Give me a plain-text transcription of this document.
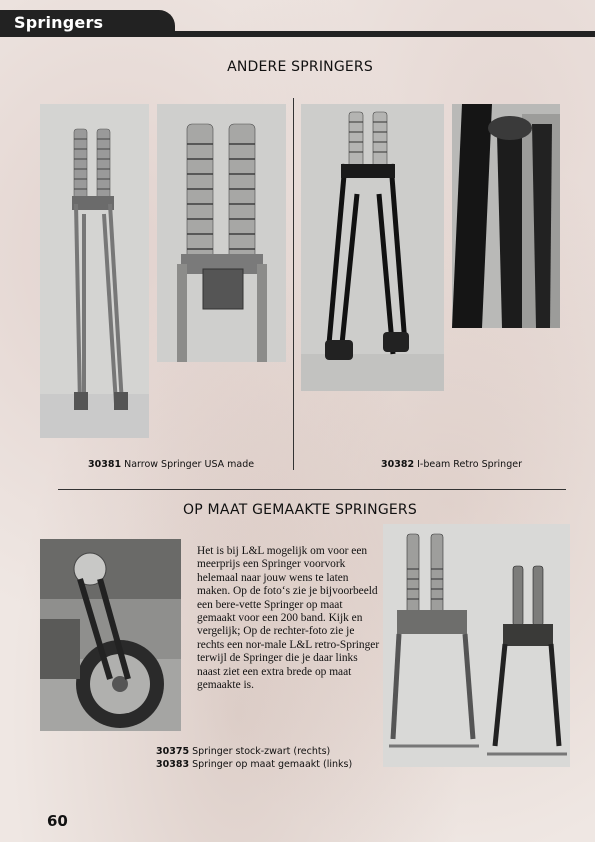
Springers
ANDERE SPRINGERS
30381 Narrow Springer USA made	30382 I-beam Retro Springer
OP MAAT GEMAAKTE SPRINGERS
Het is bij L&L mogelijk om voor een meerprijs een Springer voorvork helemaal naar jouw wens te laten maken. Op de foto‘s zie je bijvoorbeeld een bere-vette Springer op maat gemaakt voor een 200 band. Kijk en vergelijk; Op de rechter-foto zie je rechts een nor-male L&L retro-Springer terwijl de Springer die je daar links naast ziet een extra brede op maat gemaakte is.
30375 Springer stock-zwart (rechts)
30383 Springer op maat gemaakt (links)
60
